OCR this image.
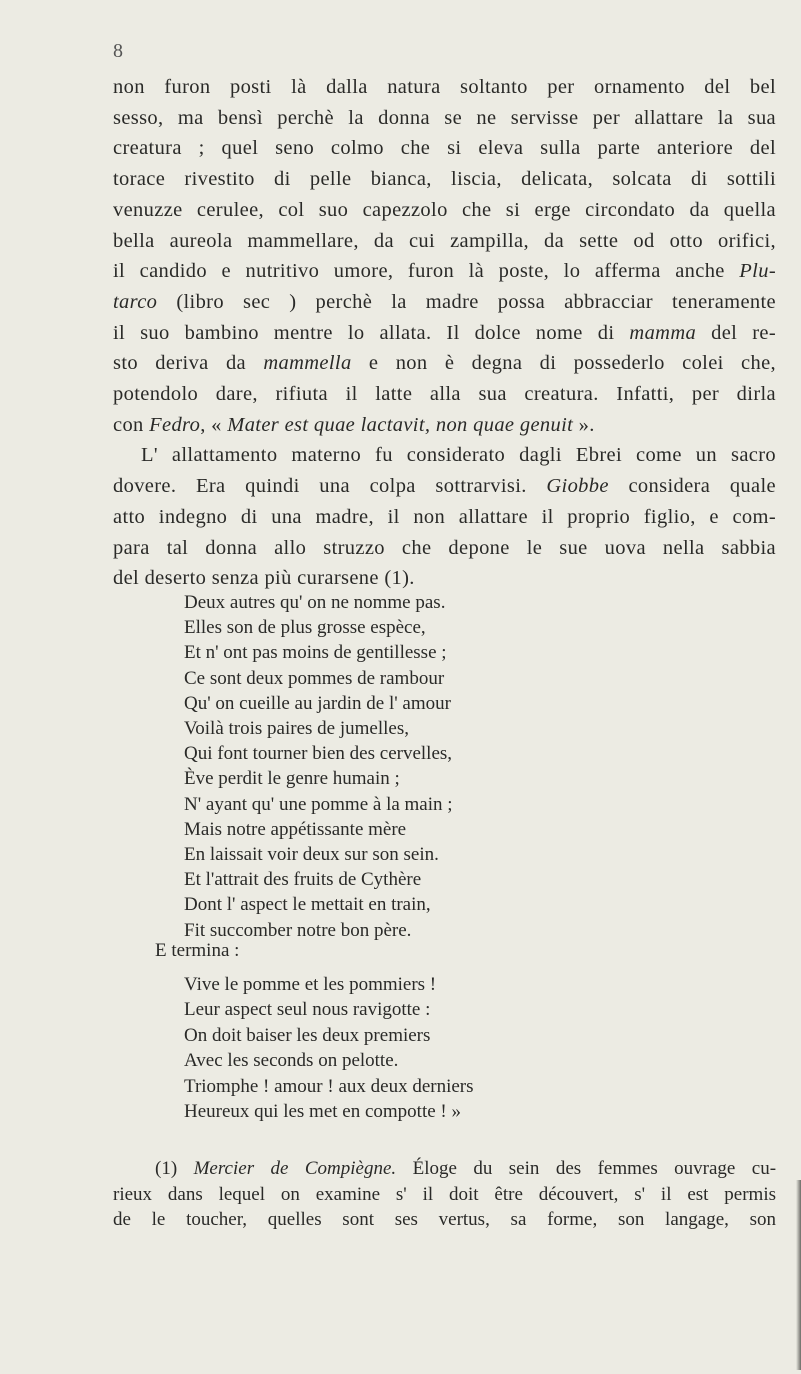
8

non furon posti là dalla natura soltanto per ornamento del bel
sesso, ma bensì perchè la donna se ne servisse per allattare la sua
creatura ; quel seno colmo che si eleva sulla parte anteriore del
torace rivestito di pelle bianca, liscia, delicata, solcata di sottili
venuzze cerulee, col suo capezzolo che si erge circondato da quella
bella aureola mammellare, da cui zampilla, da sette od otto orifici,
il candido e nutritivo umore, furon là poste, lo afferma anche Plu-
tarco (libro sec ) perchè la madre possa abbracciar teneramente
il suo bambino mentre lo allata. Il dolce nome di mamma del re-
sto deriva da mammella e non è degna di possederlo colei che,
potendolo dare, rifiuta il latte alla sua creatura. Infatti, per dirla
con Fedro, « Mater est quae lactavit, non quae genuit ».

L' allattamento materno fu considerato dagli Ebrei come un sacro
dovere. Era quindi una colpa sottrarvisi. Giobbe considera quale
atto indegno di una madre, il non allattare il proprio figlio, e com-
para tal donna allo struzzo che depone le sue uova nella sabbia
del deserto senza più curarsene (1).

Deux autres qu' on ne nomme pas.
Elles son de plus grosse espèce,
Et n' ont pas moins de gentillesse ;
Ce sont deux pommes de rambour
Qu' on cueille au jardin de l' amour
Voilà trois paires de jumelles,
Qui font tourner bien des cervelles,
Ève perdit le genre humain ;
N' ayant qu' une pomme à la main ;
Mais notre appétissante mère
En laissait voir deux sur son sein.
Et l'attrait des fruits de Cythère
Dont l' aspect le mettait en train,
Fit succomber notre bon père.
E termina :
Vive le pomme et les pommiers !
Leur aspect seul nous ravigotte :
On doit baiser les deux premiers
Avec les seconds on pelotte.
Triomphe ! amour ! aux deux derniers
Heureux qui les met en compotte ! »
(1) Mercier de Compiègne. Éloge du sein des femmes ouvrage cu-
rieux dans lequel on examine s' il doit être découvert, s' il est permis
de le toucher, quelles sont ses vertus, sa forme, son langage, son
